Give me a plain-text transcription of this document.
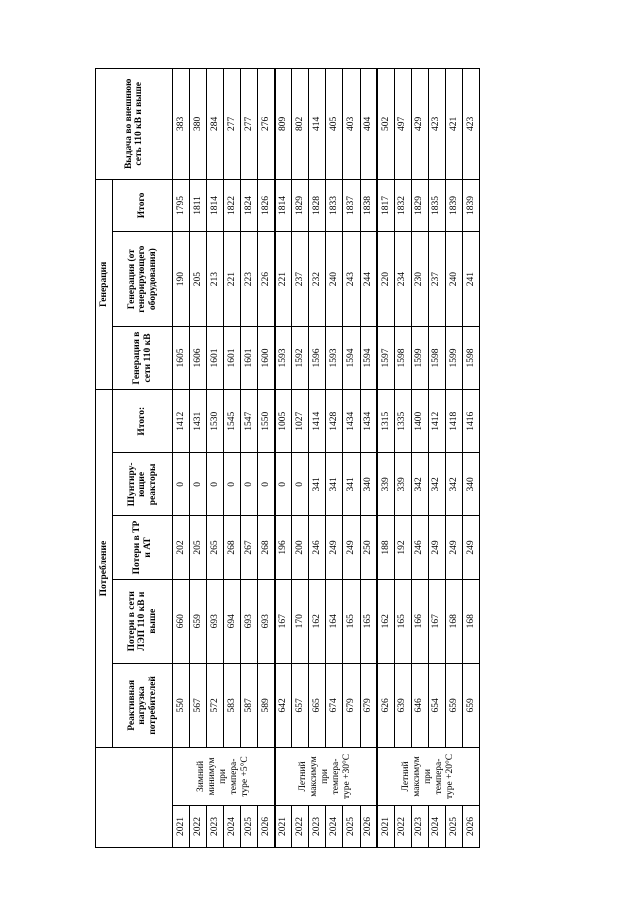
		Потребление					Генерация			Выдача во внешнюю сеть 110 кВ и выше
		Реактивная нагрузка потребителей	Потери в сети ЛЭП 110 кВ и выше	Потери в ТР и АТ	Шунтиру-ющие реакторы	Итого:	Генерация в сети 110 кВ	Генерация (от генерирующего оборудования)	Итого	
2021	Зимний минимум при темпера-туре +5°С	550	660	202	0	1412	1605	190	1795	383
2022		567	659	205	0	1431	1606	205	1811	380
2023		572	693	265	0	1530	1601	213	1814	284
2024		583	694	268	0	1545	1601	221	1822	277
2025		587	693	267	0	1547	1601	223	1824	277
2026		589	693	268	0	1550	1600	226	1826	276
2021	Летний максимум при темпера-туре +30°С	642	167	196	0	1005	1593	221	1814	809
2022		657	170	200	0	1027	1592	237	1829	802
2023		665	162	246	341	1414	1596	232	1828	414
2024		674	164	249	341	1428	1593	240	1833	405
2025		679	165	249	341	1434	1594	243	1837	403
2026		679	165	250	340	1434	1594	244	1838	404
2021	Летний максимум при темпера-туре +20°С	626	162	188	339	1315	1597	220	1817	502
2022		639	165	192	339	1335	1598	234	1832	497
2023		646	166	246	342	1400	1599	230	1829	429
2024		654	167	249	342	1412	1598	237	1835	423
2025		659	168	249	342	1418	1599	240	1839	421
2026		659	168	249	340	1416	1598	241	1839	423
